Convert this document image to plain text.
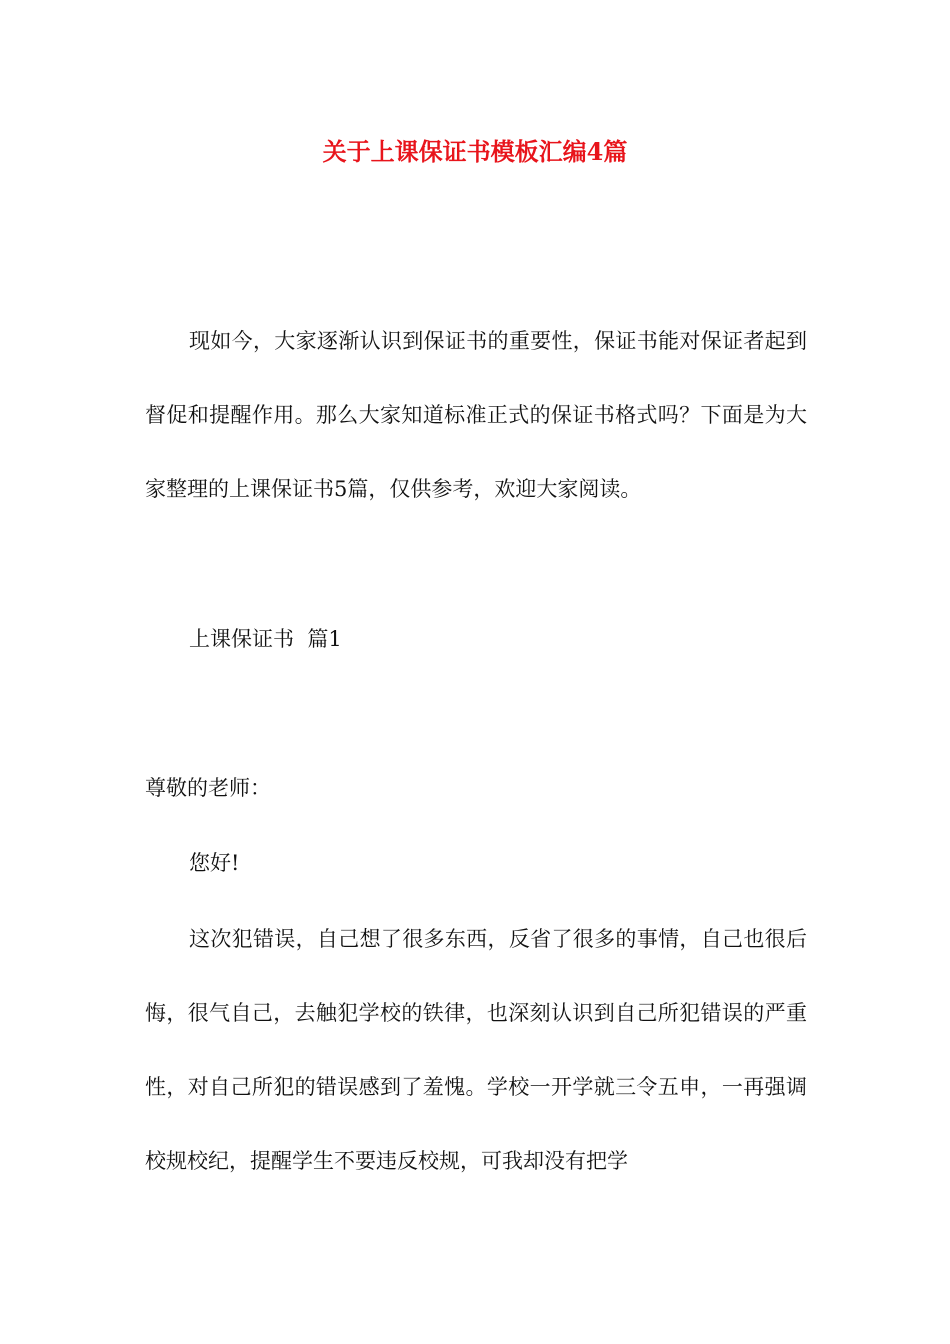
关于上课保证书模板汇编4篇

现如今，大家逐渐认识到保证书的重要性，保证书能对保证者起到督促和提醒作用。那么大家知道标准正式的保证书格式吗？下面是为大家整理的上课保证书5篇，仅供参考，欢迎大家阅读。

上课保证书  篇1

尊敬的老师：

您好!

这次犯错误，自己想了很多东西，反省了很多的事情，自己也很后悔，很气自己，去触犯学校的铁律，也深刻认识到自己所犯错误的严重性，对自己所犯的错误感到了羞愧。学校一开学就三令五申，一再强调校规校纪，提醒学生不要违反校规，可我却没有把学
